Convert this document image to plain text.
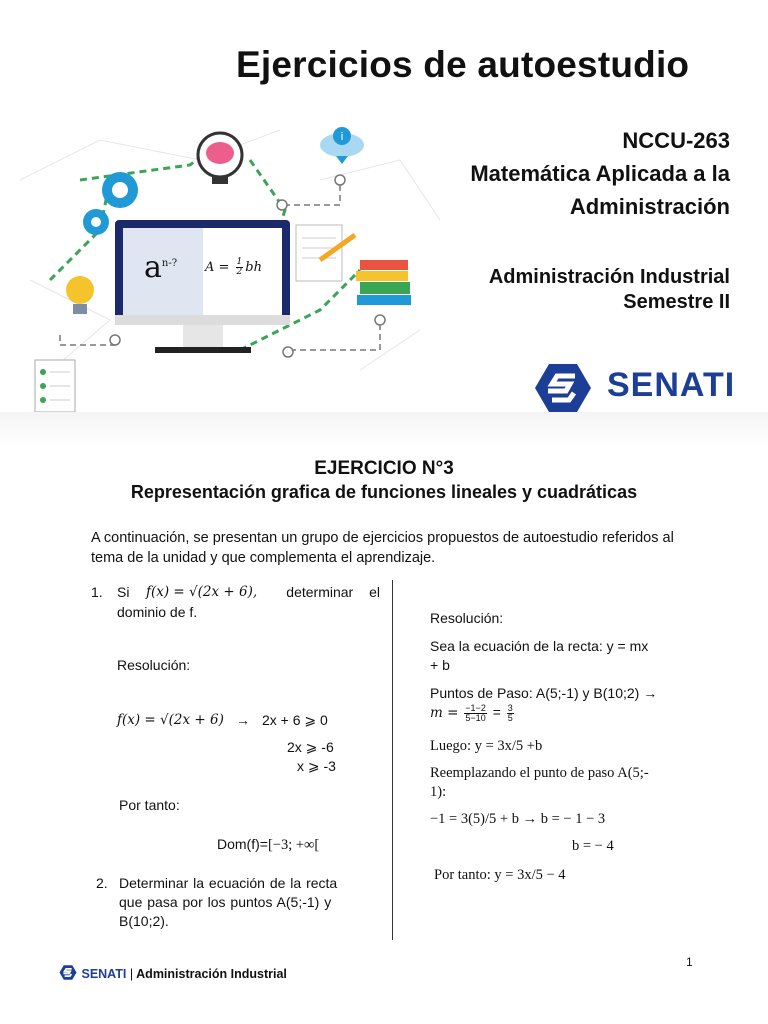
Ejercicios de autoestudio
NCCU-263
Matemática Aplicada a la
Administración
Administración Industrial
Semestre II
SENATI
i
$a^{n-?}$ $A = \frac{1}{2}$ bh
EJERCICIO N°3
Representación grafica de funciones lineales y cuadráticas
A continuación, se presentan un grupo de ejercicios propuestos de autoestudio referidos al tema de la unidad y que complementa el aprendizaje.
1. Si f(x) = √(2x + 6),	determinar el
dominio de f.
Resolución:
f(x) = √(2x + 6) → 2x + 6 ⩾ 0
2x ⩾ -6
x ⩾ -3
Por tanto:
Dom(f)=[−3; +∞[
2. Determinar la ecuación de la recta
que pasa por los puntos A(5;-1) y
B(10;2).
Resolución:
Sea la ecuación de la recta: y = mx
+ b
Puntos de Paso: A(5;-1) y B(10;2) →
$m = \frac{-1-2}{5-10} = \frac{3}{5}$
Luego: y = 3x/5 +b
Reemplazando el punto de paso A(5;-
1):
−1 = 3(5)/5 + b → b = − 1 − 3
b = − 4
Por tanto: y = 3x/5 − 4
1
SENATI | Administración Industrial
